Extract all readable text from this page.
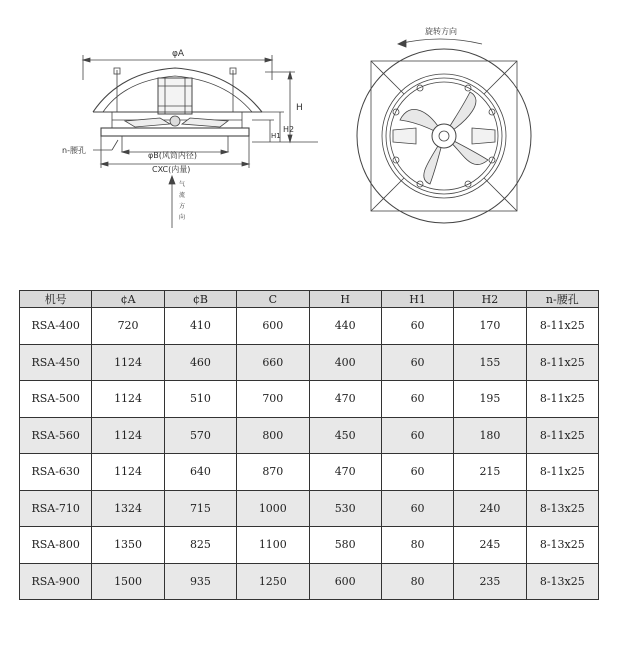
φA
H
H1
H2
n-腰孔
φB(风筒内径)
CXC(内量)
气
流
方
向
旋转方向
机号	¢A	¢B	C	H	H1	H2	n-腰孔
RSA-400	720	410	600	440	60	170	8-11x25
RSA-450	1124	460	660	400	60	155	8-11x25
RSA-500	1124	510	700	470	60	195	8-11x25
RSA-560	1124	570	800	450	60	180	8-11x25
RSA-630	1124	640	870	470	60	215	8-11x25
RSA-710	1324	715	1000	530	60	240	8-13x25
RSA-800	1350	825	1100	580	80	245	8-13x25
RSA-900	1500	935	1250	600	80	235	8-13x25
